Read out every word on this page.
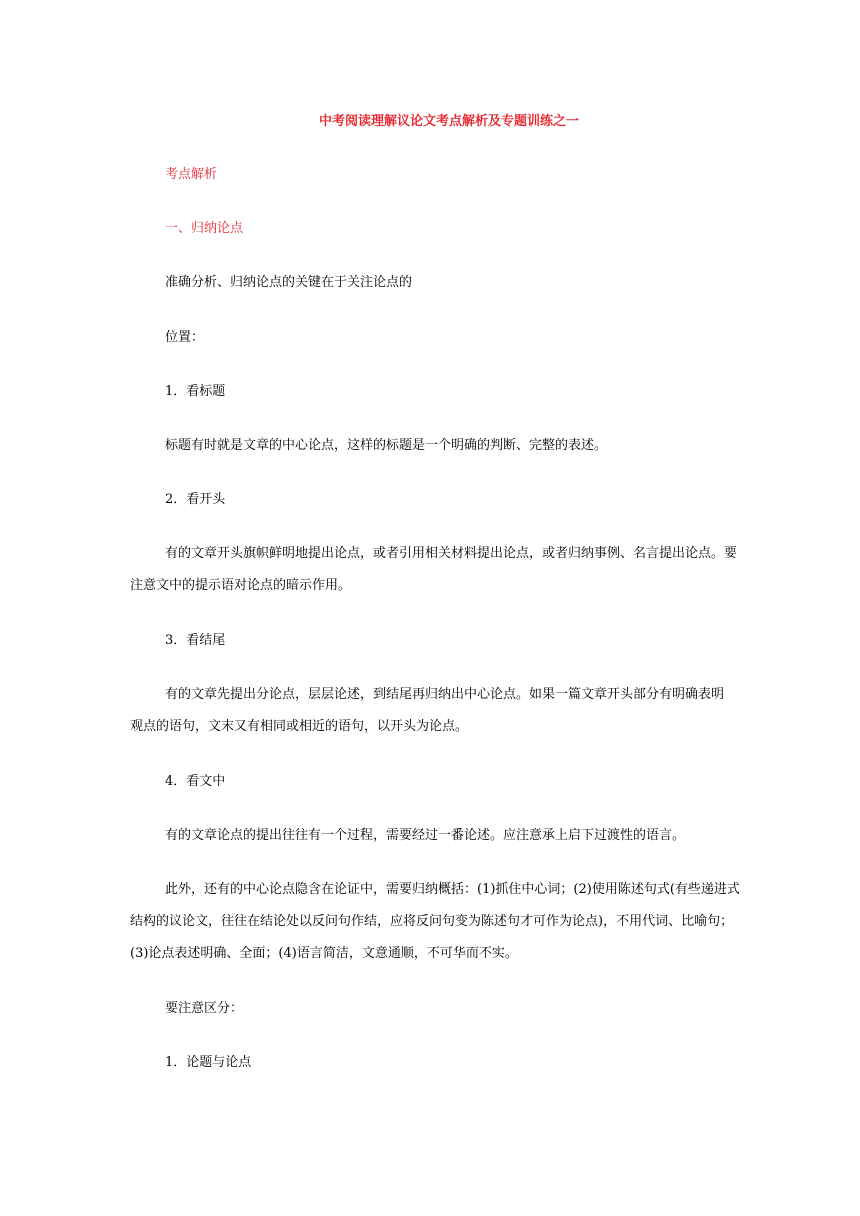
中考阅读理解议论文考点解析及专题训练之一
考点解析
一、归纳论点
准确分析、归纳论点的关键在于关注论点的
位置：
1．看标题
标题有时就是文章的中心论点，这样的标题是一个明确的判断、完整的表述。
2．看开头
有的文章开头旗帜鲜明地提出论点，或者引用相关材料提出论点，或者归纳事例、名言提出论点。要
注意文中的提示语对论点的暗示作用。
3．看结尾
有的文章先提出分论点，层层论述，到结尾再归纳出中心论点。如果一篇文章开头部分有明确表明
观点的语句，文末又有相同或相近的语句，以开头为论点。
4．看文中
有的文章论点的提出往往有一个过程，需要经过一番论述。应注意承上启下过渡性的语言。
此外，还有的中心论点隐含在论证中，需要归纳概括：(1)抓住中心词；(2)使用陈述句式(有些递进式
结构的议论文，往往在结论处以反问句作结，应将反问句变为陈述句才可作为论点)，不用代词、比喻句；
(3)论点表述明确、全面；(4)语言简洁，文意通顺，不可华而不实。
要注意区分：
1．论题与论点
